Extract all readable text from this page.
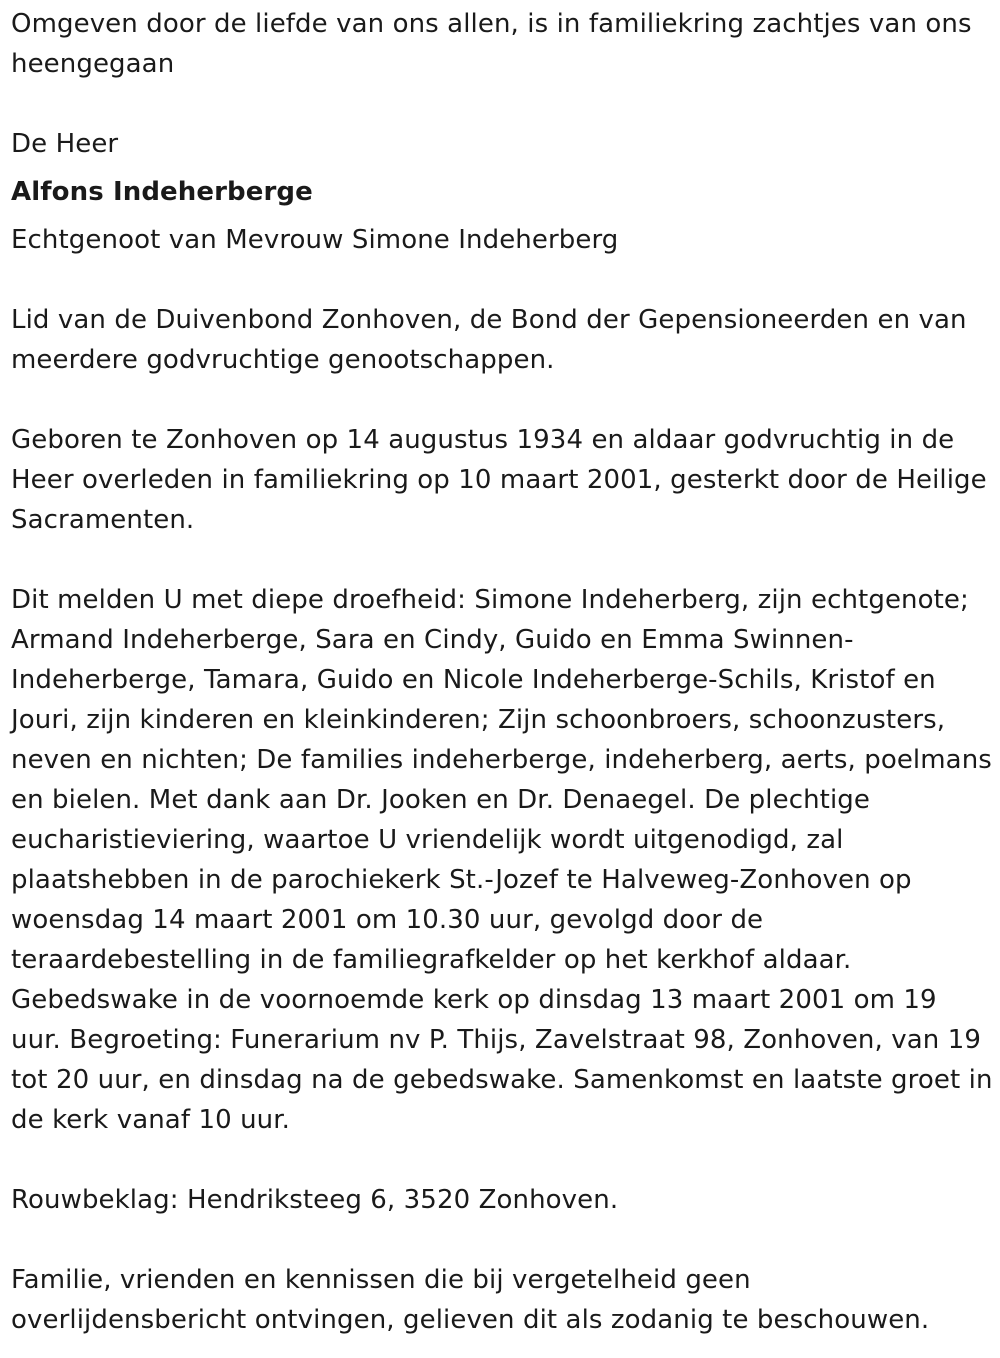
Omgeven door de liefde van ons allen, is in familiekring zachtjes van ons heengegaan

De Heer

Alfons Indeherberge

Echtgenoot van Mevrouw Simone Indeherberg

Lid van de Duivenbond Zonhoven, de Bond der Gepensioneerden en van meerdere godvruchtige genootschappen.

Geboren te Zonhoven op 14 augustus 1934 en aldaar godvruchtig in de Heer overleden in familiekring op 10 maart 2001, gesterkt door de Heilige Sacramenten.

Dit melden U met diepe droefheid: Simone Indeherberg, zijn echtgenote; Armand Indeherberge, Sara en Cindy, Guido en Emma Swinnen-Indeherberge, Tamara, Guido en Nicole Indeherberge-Schils, Kristof en Jouri, zijn kinderen en kleinkinderen; Zijn schoonbroers, schoonzusters, neven en nichten; De families indeherberge, indeherberg, aerts, poelmans en bielen. Met dank aan Dr. Jooken en Dr. Denaegel. De plechtige eucharistieviering, waartoe U vriendelijk wordt uitgenodigd, zal plaatshebben in de parochiekerk St.-Jozef te Halveweg-Zonhoven op woensdag 14 maart 2001 om 10.30 uur, gevolgd door de teraardebestelling in de familiegrafkelder op het kerkhof aldaar. Gebedswake in de voornoemde kerk op dinsdag 13 maart 2001 om 19 uur. Begroeting: Funerarium nv P. Thijs, Zavelstraat 98, Zonhoven, van 19 tot 20 uur, en dinsdag na de gebedswake. Samenkomst en laatste groet in de kerk vanaf 10 uur.

Rouwbeklag: Hendriksteeg 6, 3520 Zonhoven.

Familie, vrienden en kennissen die bij vergetelheid geen overlijdensbericht ontvingen, gelieven dit als zodanig te beschouwen.
